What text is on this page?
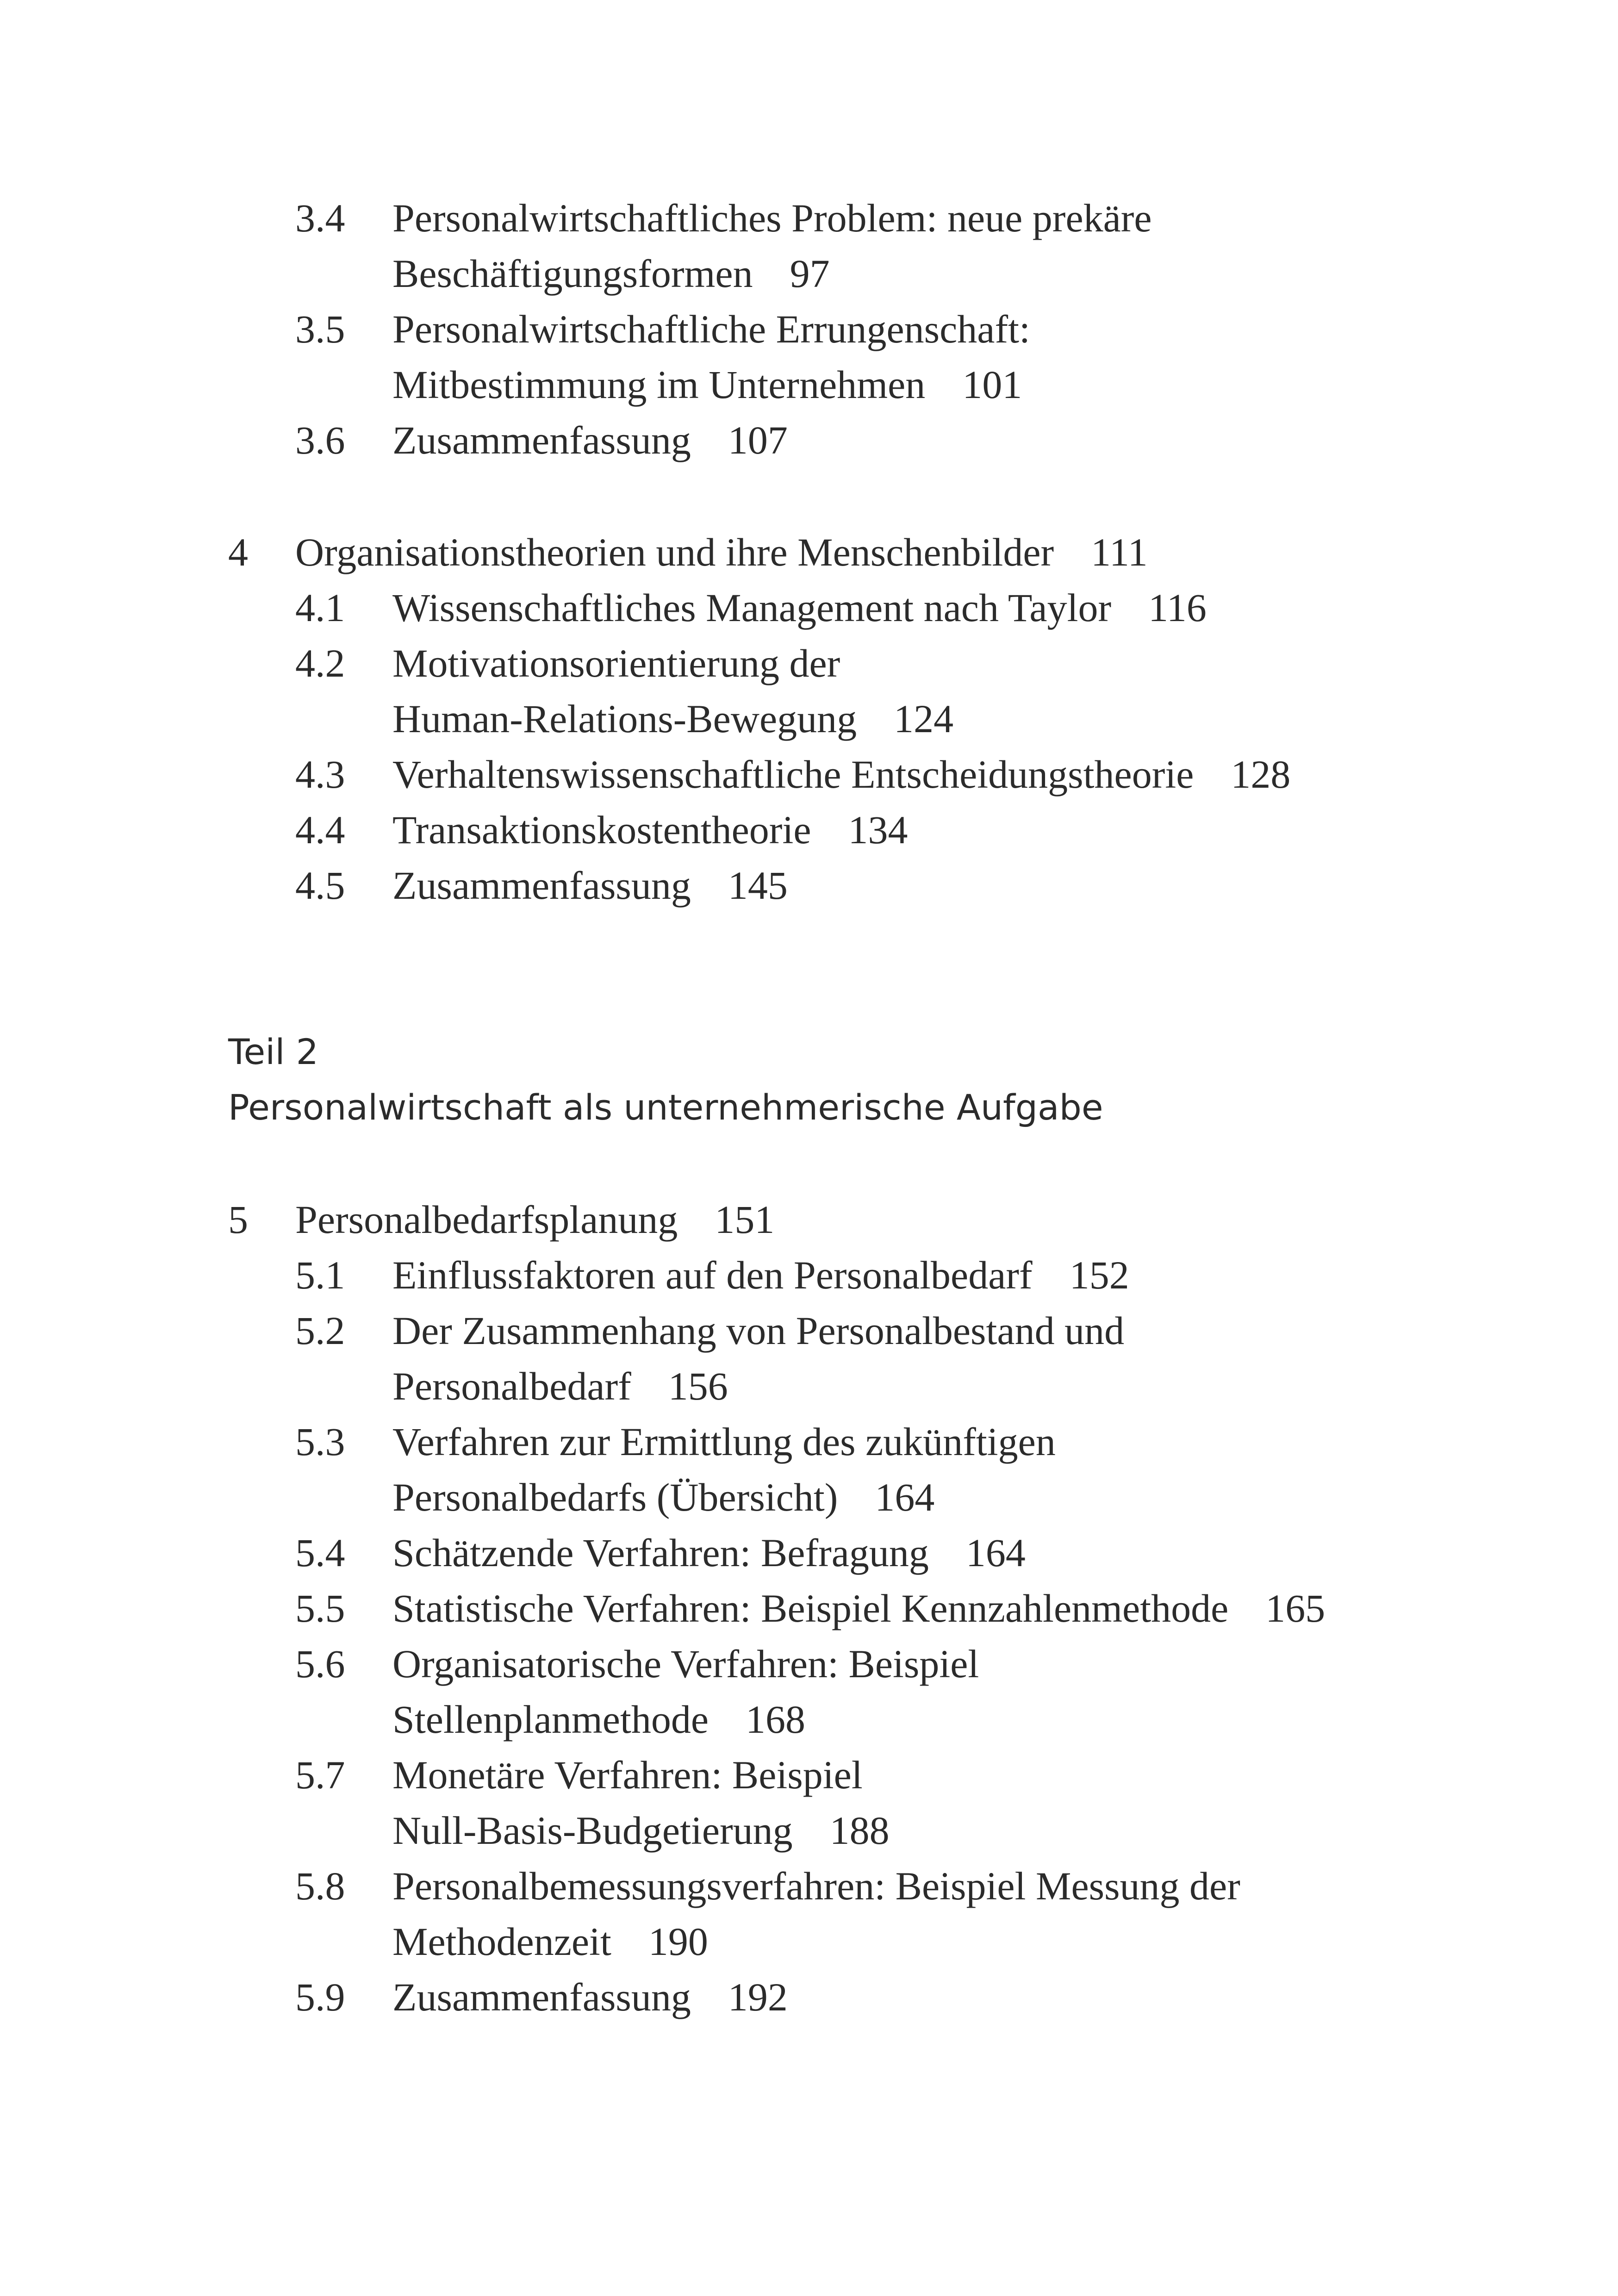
3.4 Personalwirtschaftliches Problem: neue prekäre
Beschäftigungsformen 97
3.5 Personalwirtschaftliche Errungenschaft:
Mitbestimmung im Unternehmen 101
3.6 Zusammenfassung 107
4 Organisationstheorien und ihre Menschenbilder 111
4.1 Wissenschaftliches Management nach Taylor 116
4.2 Motivationsorientierung der
Human-Relations-Bewegung 124
4.3 Verhaltenswissenschaftliche Entscheidungstheorie 128
4.4 Transaktionskostentheorie 134
4.5 Zusammenfassung 145
Teil 2
Personalwirtschaft als unternehmerische Aufgabe
5 Personalbedarfsplanung 151
5.1 Einflussfaktoren auf den Personalbedarf 152
5.2 Der Zusammenhang von Personalbestand und
Personalbedarf 156
5.3 Verfahren zur Ermittlung des zukünftigen
Personalbedarfs (Übersicht) 164
5.4 Schätzende Verfahren: Befragung 164
5.5 Statistische Verfahren: Beispiel Kennzahlenmethode 165
5.6 Organisatorische Verfahren: Beispiel
Stellenplanmethode 168
5.7 Monetäre Verfahren: Beispiel
Null-Basis-Budgetierung 188
5.8 Personalbemessungsverfahren: Beispiel Messung der
Methodenzeit 190
5.9 Zusammenfassung 192
